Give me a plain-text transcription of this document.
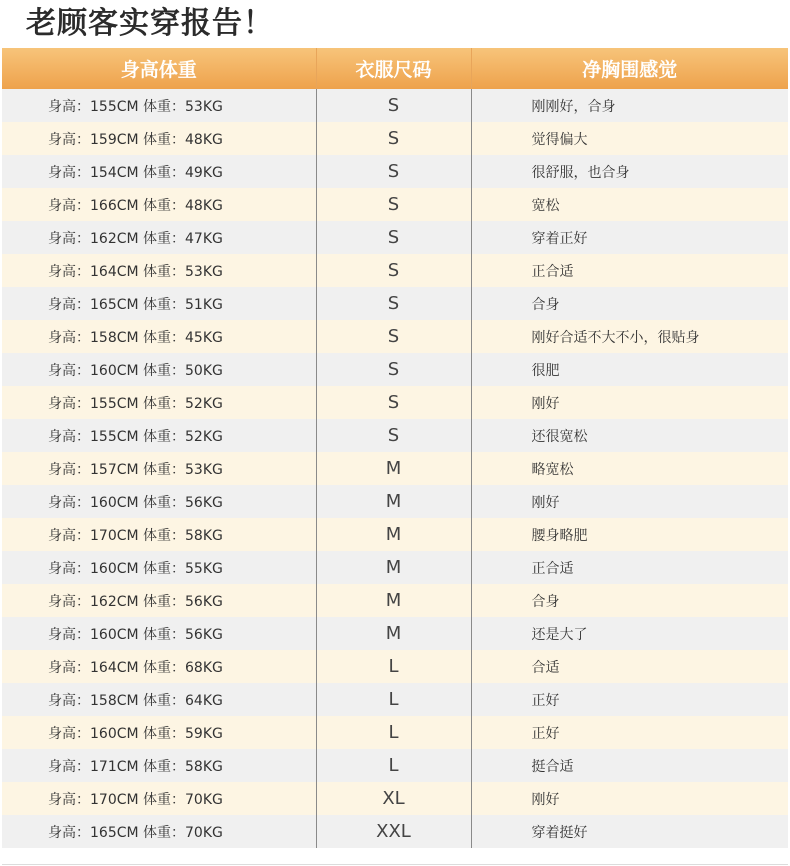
老顾客实穿报告！
身高体重	衣服尺码	净胸围感觉
身高：155CM 体重：53KG	S	刚刚好，合身
身高：159CM 体重：48KG	S	觉得偏大
身高：154CM 体重：49KG	S	很舒服，也合身
身高：166CM 体重：48KG	S	宽松
身高：162CM 体重：47KG	S	穿着正好
身高：164CM 体重：53KG	S	正合适
身高：165CM 体重：51KG	S	合身
身高：158CM 体重：45KG	S	刚好合适不大不小，很贴身
身高：160CM 体重：50KG	S	很肥
身高：155CM 体重：52KG	S	刚好
身高：155CM 体重：52KG	S	还很宽松
身高：157CM 体重：53KG	M	略宽松
身高：160CM 体重：56KG	M	刚好
身高：170CM 体重：58KG	M	腰身略肥
身高：160CM 体重：55KG	M	正合适
身高：162CM 体重：56KG	M	合身
身高：160CM 体重：56KG	M	还是大了
身高：164CM 体重：68KG	L	合适
身高：158CM 体重：64KG	L	正好
身高：160CM 体重：59KG	L	正好
身高：171CM 体重：58KG	L	挺合适
身高：170CM 体重：70KG	XL	刚好
身高：165CM 体重：70KG	XXL	穿着挺好
